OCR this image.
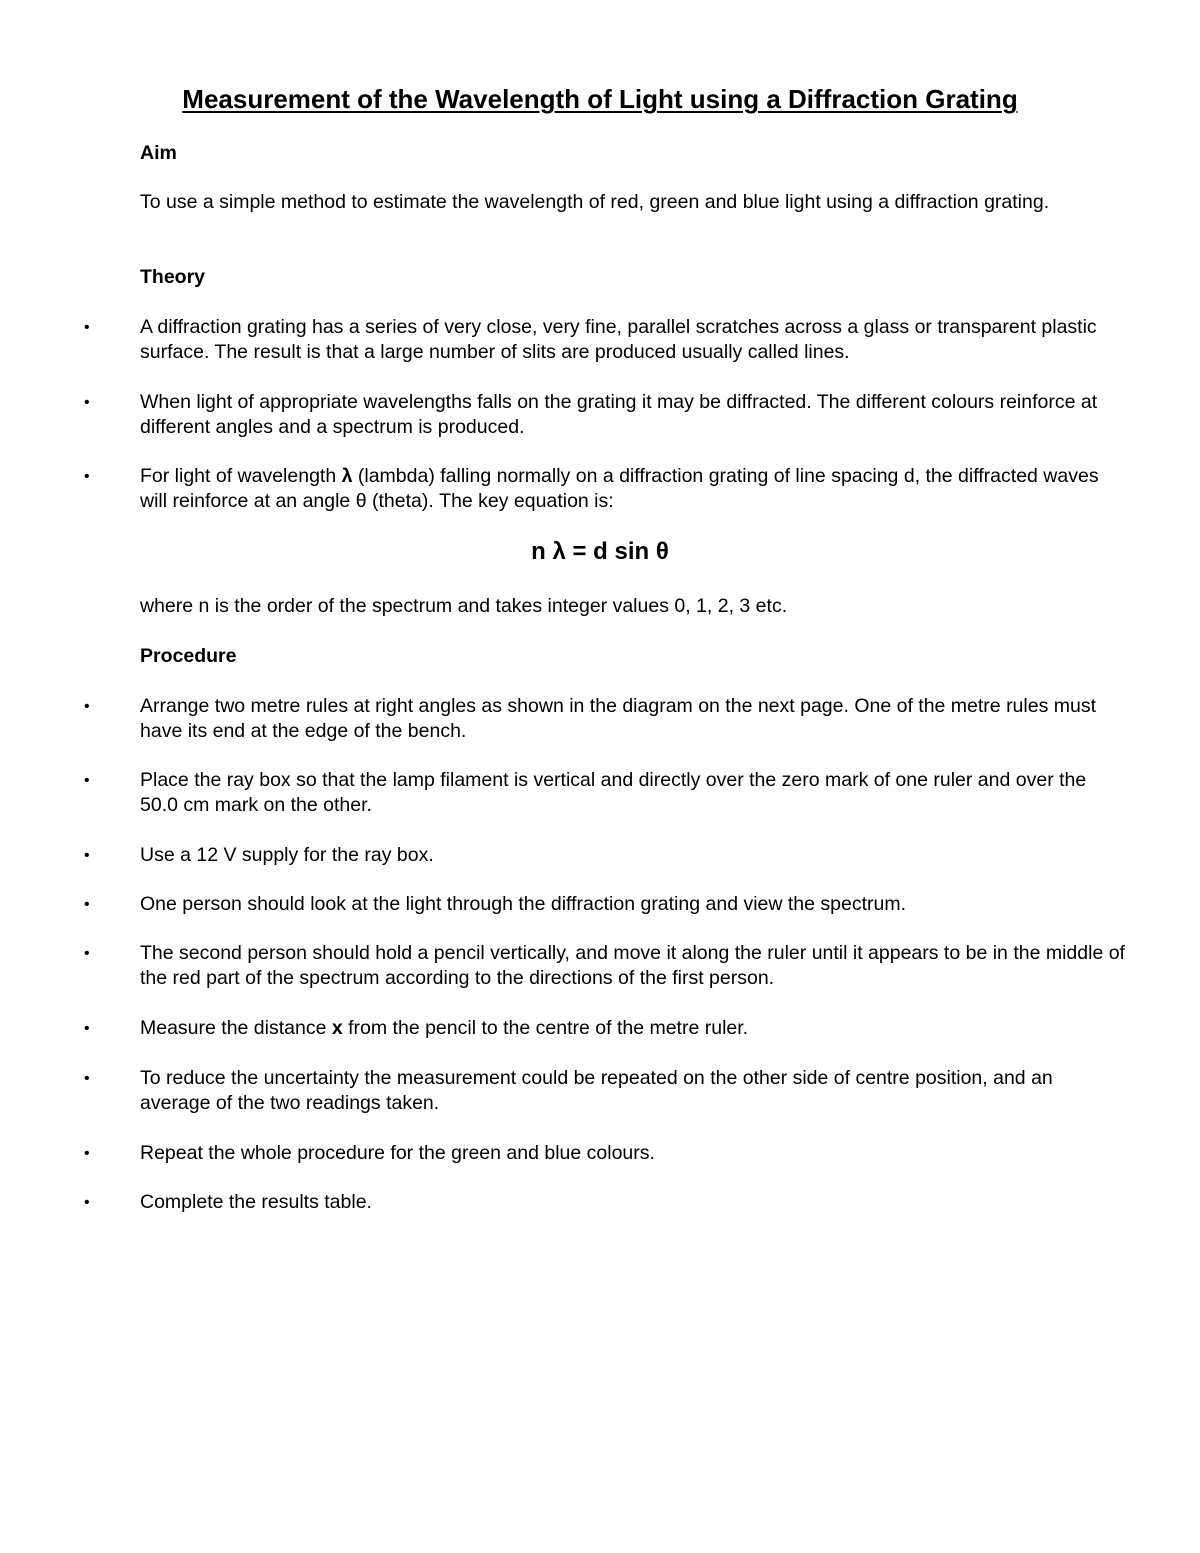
Measurement of the Wavelength of Light using a Diffraction Grating
Aim
To use a simple method to estimate the wavelength of red, green and blue light using a diffraction grating.
Theory
•	A diffraction grating has a series of very close, very fine, parallel scratches across a glass or transparent plastic surface. The result is that a large number of slits are produced usually called lines.
•	When light of appropriate wavelengths falls on the grating it may be diffracted. The different colours reinforce at different angles and a spectrum is produced.
•	For light of wavelength λ (lambda) falling normally on a diffraction grating of line spacing d, the diffracted waves will reinforce at an angle θ (theta). The key equation is:
n λ = d sin θ
where n is the order of the spectrum and takes integer values 0, 1, 2, 3 etc.
Procedure
•	Arrange two metre rules at right angles as shown in the diagram on the next page. One of the metre rules must have its end at the edge of the bench.
•	Place the ray box so that the lamp filament is vertical and directly over the zero mark of one ruler and over the 50.0 cm mark on the other.
•	Use a 12 V supply for the ray box.
•	One person should look at the light through the diffraction grating and view the spectrum.
•	The second person should hold a pencil vertically, and move it along the ruler until it appears to be in the middle of the red part of the spectrum according to the directions of the first person.
•	Measure the distance x from the pencil to the centre of the metre ruler.
•	To reduce the uncertainty the measurement could be repeated on the other side of centre position, and an average of the two readings taken.
•	Repeat the whole procedure for the green and blue colours.
•	Complete the results table.
